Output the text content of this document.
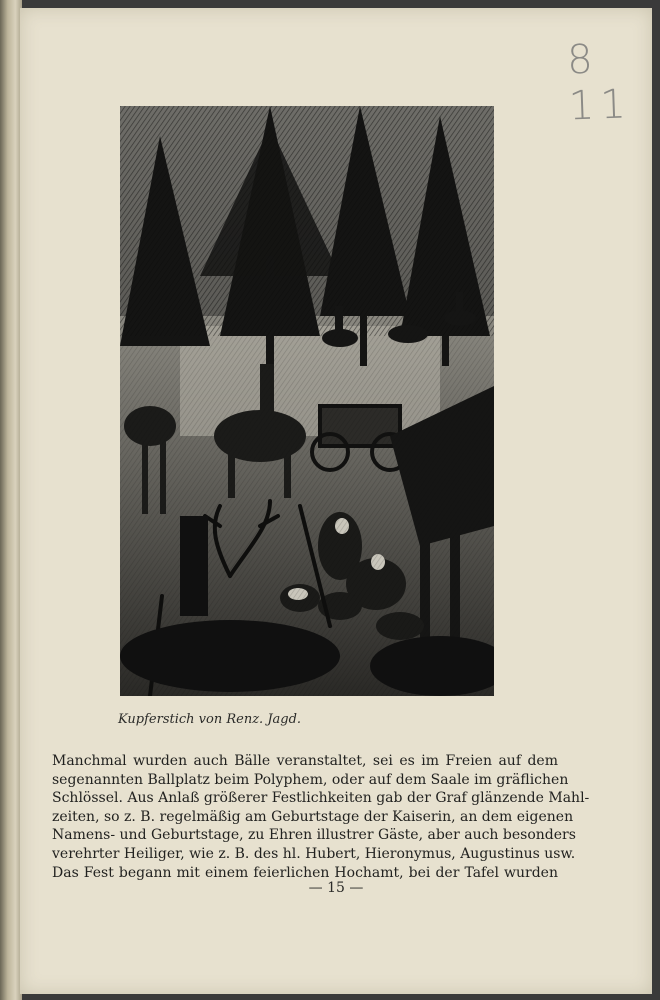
8 11
Kupferstich von Renz. Jagd.
Manchmal wurden auch Bälle veranstaltet, sei es im Freien auf dem
segenannten Ballplatz beim Polyphem, oder auf dem Saale im gräflichen
Schlössel. Aus Anlaß größerer Festlichkeiten gab der Graf glänzende Mahl-
zeiten, so z. B. regelmäßig am Geburtstage der Kaiserin, an dem eigenen
Namens- und Geburtstage, zu Ehren illustrer Gäste, aber auch besonders
verehrter Heiliger, wie z. B. des hl. Hubert, Hieronymus, Augustinus usw.
Das Fest begann mit einem feierlichen Hochamt, bei der Tafel wurden
— 15 —
